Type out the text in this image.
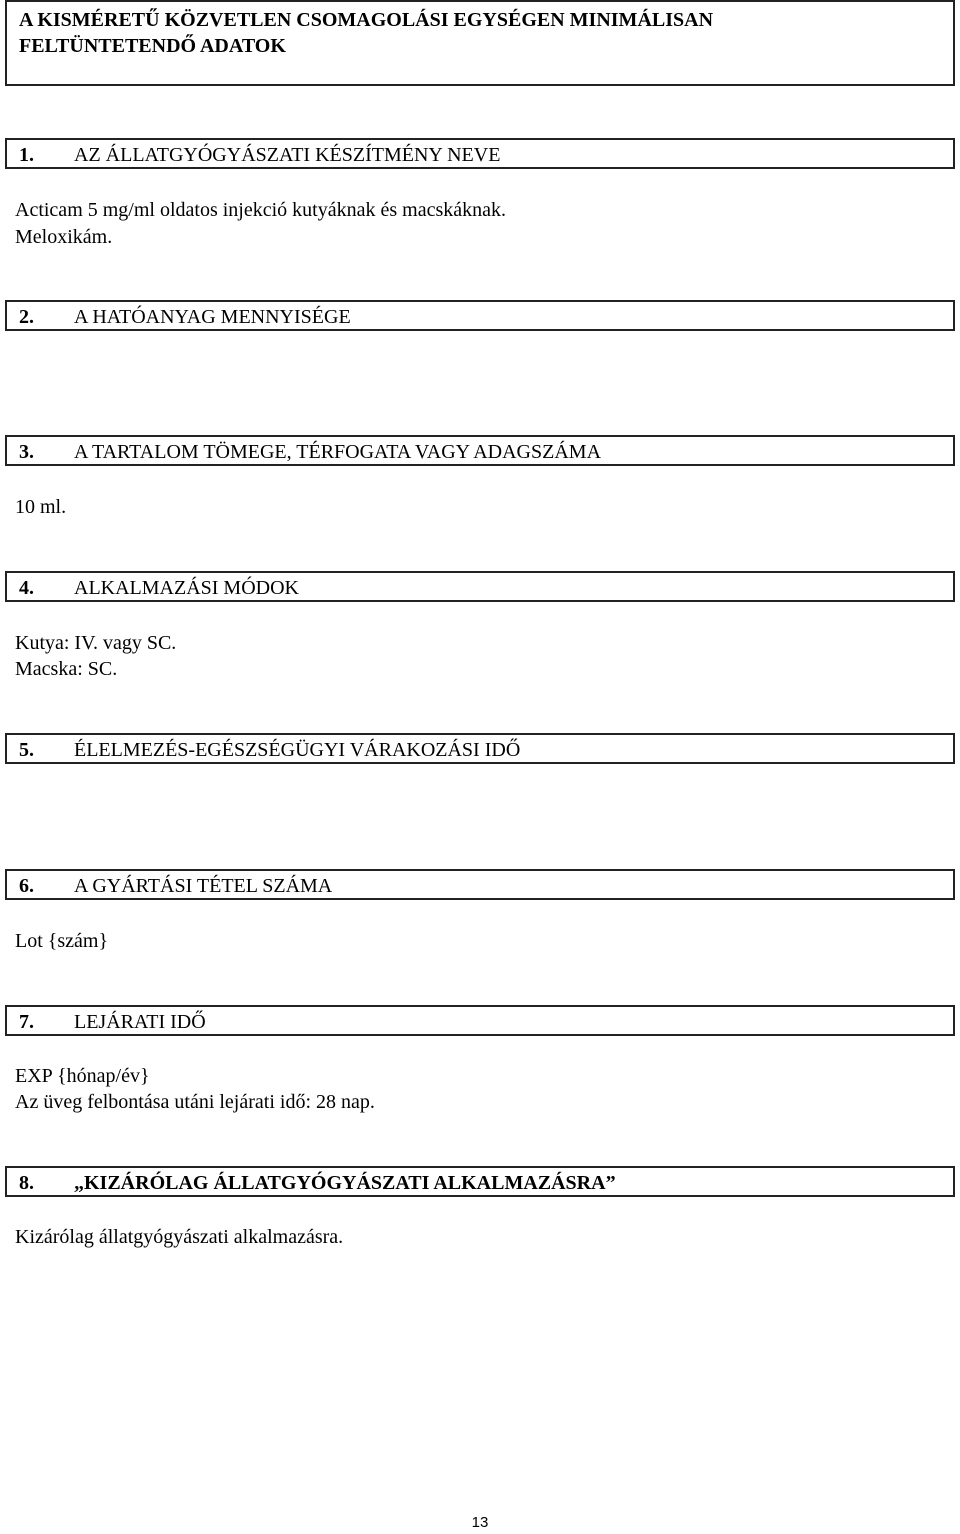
A KISMÉRETŰ KÖZVETLEN CSOMAGOLÁSI EGYSÉGEN MINIMÁLISAN
FELTÜNTETENDŐ ADATOK
1. AZ ÁLLATGYÓGYÁSZATI KÉSZÍTMÉNY NEVE
Acticam 5 mg/ml oldatos injekció kutyáknak és macskáknak.
Meloxikám.
2. A HATÓANYAG MENNYISÉGE
3. A TARTALOM TÖMEGE, TÉRFOGATA VAGY ADAGSZÁMA
10 ml.
4. ALKALMAZÁSI MÓDOK
Kutya: IV. vagy SC.
Macska: SC.
5. ÉLELMEZÉS-EGÉSZSÉGÜGYI VÁRAKOZÁSI IDŐ
6. A GYÁRTÁSI TÉTEL SZÁMA
Lot {szám}
7. LEJÁRATI IDŐ
EXP {hónap/év}
Az üveg felbontása utáni lejárati idő: 28 nap.
8. „KIZÁRÓLAG ÁLLATGYÓGYÁSZATI ALKALMAZÁSRA”
Kizárólag állatgyógyászati alkalmazásra.
13
